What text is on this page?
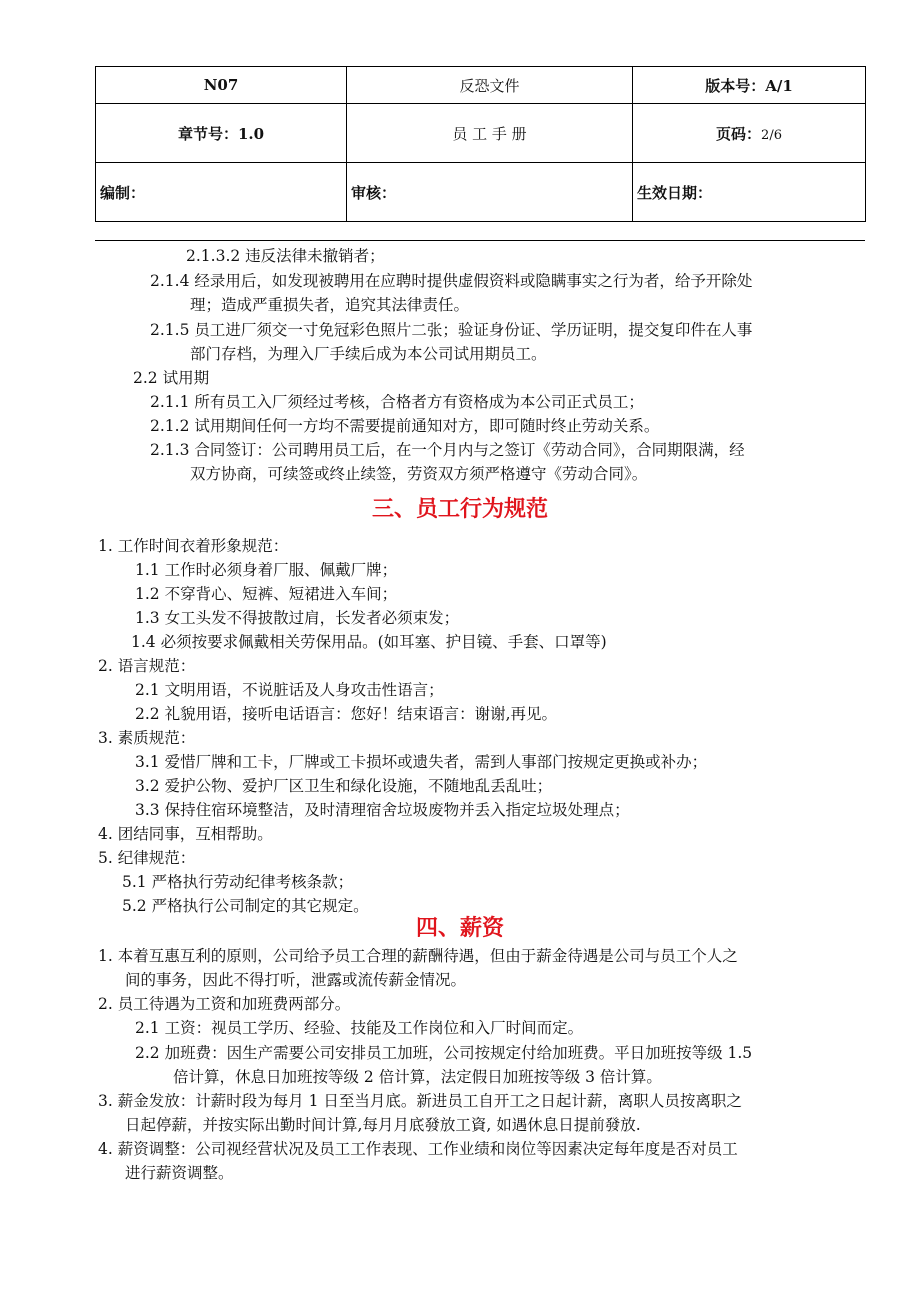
N07	反恐文件	版本号：A/1
章节号：1.0	员 工 手 册	页码：2/6
编制：	审核：	生效日期：
2.1.3.2 违反法律未撤销者；
2.1.4 经录用后，如发现被聘用在应聘时提供虚假资料或隐瞒事实之行为者，给予开除处
理；造成严重损失者，追究其法律责任。
2.1.5 员工进厂须交一寸免冠彩色照片二张；验证身份证、学历证明，提交复印件在人事
部门存档，为理入厂手续后成为本公司试用期员工。
2.2 试用期
2.1.1 所有员工入厂须经过考核，合格者方有资格成为本公司正式员工；
2.1.2 试用期间任何一方均不需要提前通知对方，即可随时终止劳动关系。
2.1.3 合同签订：公司聘用员工后，在一个月内与之签订《劳动合同》，合同期限满，经
双方协商，可续签或终止续签，劳资双方须严格遵守《劳动合同》。
三、员工行为规范
1. 工作时间衣着形象规范：
1.1 工作时必须身着厂服、佩戴厂牌；
1.2 不穿背心、短裤、短裙进入车间；
1.3 女工头发不得披散过肩，长发者必须束发；
1.4 必须按要求佩戴相关劳保用品。(如耳塞、护目镜、手套、口罩等)
2. 语言规范：
2.1 文明用语，不说脏话及人身攻击性语言；
2.2 礼貌用语，接听电话语言：您好！结束语言：谢谢,再见。
3. 素质规范：
3.1 爱惜厂牌和工卡，厂牌或工卡损坏或遗失者，需到人事部门按规定更换或补办；
3.2 爱护公物、爱护厂区卫生和绿化设施，不随地乱丢乱吐；
3.3 保持住宿环境整洁，及时清理宿舍垃圾废物并丢入指定垃圾处理点；
4. 团结同事，互相帮助。
5. 纪律规范：
5.1 严格执行劳动纪律考核条款；
5.2 严格执行公司制定的其它规定。
四、薪资
1. 本着互惠互利的原则，公司给予员工合理的薪酬待遇，但由于薪金待遇是公司与员工个人之
间的事务，因此不得打听，泄露或流传薪金情况。
2. 员工待遇为工资和加班费两部分。
2.1 工资：视员工学历、经验、技能及工作岗位和入厂时间而定。
2.2 加班费：因生产需要公司安排员工加班，公司按规定付给加班费。平日加班按等级 1.5
倍计算，休息日加班按等级 2 倍计算，法定假日加班按等级 3 倍计算。
3. 薪金发放：计薪时段为每月 1 日至当月底。新进员工自开工之日起计薪，离职人员按离职之
日起停薪，并按实际出勤时间计算,每月月底發放工資, 如遇休息日提前發放.
4. 薪资调整：公司视经营状况及员工工作表现、工作业绩和岗位等因素决定每年度是否对员工
进行薪资调整。
